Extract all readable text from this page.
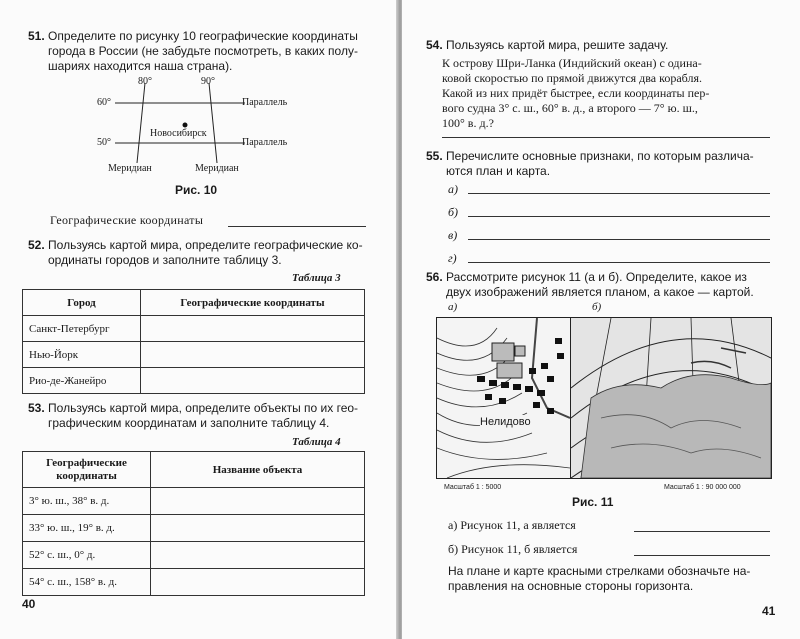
51. Определите по рисунку 10 географические координаты
города в России (не забудьте посмотреть, в каких полу-
шариях находится наша страна).
80°	90°
60°
50°
Параллель
Параллель
Новосибирск
Меридиан	Меридиан
Рис. 10
Географические координаты
52. Пользуясь картой мира, определите географические ко-
ординаты городов и заполните таблицу 3.
Таблица 3
Город	Географические координаты
Санкт-Петербург	
Нью-Йорк	
Рио-де-Жанейро	
53. Пользуясь картой мира, определите объекты по их гео-
графическим координатам и заполните таблицу 4.
Таблица 4
Географические
координаты	Название объекта
3° ю. ш., 38° в. д.	
33° ю. ш., 19° в. д.	
52° с. ш., 0° д.	
54° с. ш., 158° в. д.	
40
54. Пользуясь картой мира, решите задачу.
К острову Шри-Ланка (Индийский океан) с одина-
ковой скоростью по прямой движутся два корабля.
Какой из них придёт быстрее, если координаты пер-
вого судна 3° с. ш., 60° в. д., а второго — 7° ю. ш.,
100° в. д.?
55. Перечислите основные признаки, по которым различа-
ются план и карта.
а)
б)
в)
г)
56. Рассмотрите рисунок 11 (а и б). Определите, какое из
двух изображений является планом, а какое — картой.
а)	б)
Нелидово
Масштаб 1 : 5000	Масштаб 1 : 90 000 000
Рис. 11
а) Рисунок 11, а является
б) Рисунок 11, б является
На плане и карте красными стрелками обозначьте на-
правления на основные стороны горизонта.
41
